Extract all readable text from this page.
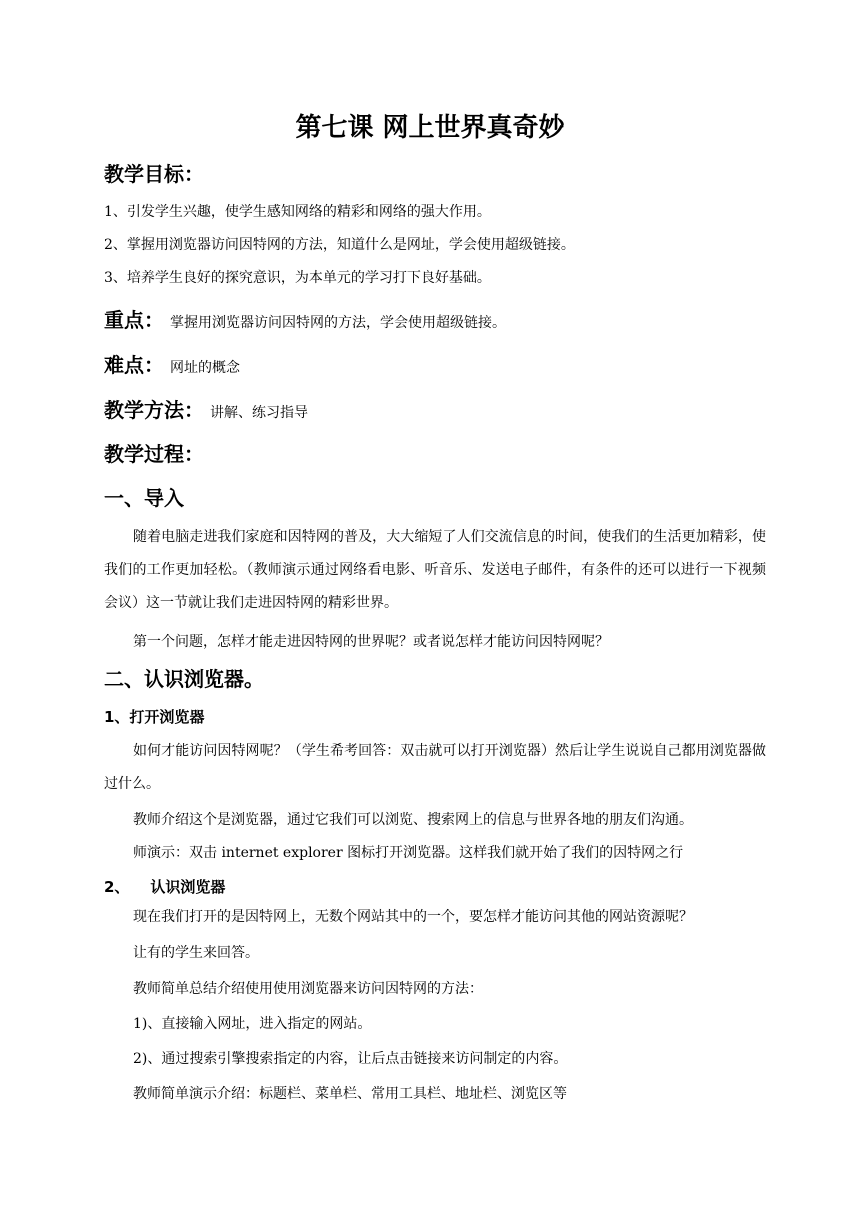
第七课 网上世界真奇妙
教学目标：
1、引发学生兴趣，使学生感知网络的精彩和网络的强大作用。
2、掌握用浏览器访问因特网的方法，知道什么是网址，学会使用超级链接。
3、培养学生良好的探究意识，为本单元的学习打下良好基础。
重点： 掌握用浏览器访问因特网的方法，学会使用超级链接。
难点： 网址的概念
教学方法： 讲解、练习指导
教学过程：
一、导入
随着电脑走进我们家庭和因特网的普及，大大缩短了人们交流信息的时间，使我们的生活更加精彩，使我们的工作更加轻松。（教师演示通过网络看电影、听音乐、发送电子邮件，有条件的还可以进行一下视频会议）这一节就让我们走进因特网的精彩世界。
第一个问题，怎样才能走进因特网的世界呢？或者说怎样才能访问因特网呢？
二、认识浏览器。
1、打开浏览器
如何才能访问因特网呢？（学生希考回答：双击就可以打开浏览器）然后让学生说说自己都用浏览器做过什么。
教师介绍这个是浏览器，通过它我们可以浏览、搜索网上的信息与世界各地的朋友们沟通。
师演示：双击 internet explorer 图标打开浏览器。这样我们就开始了我们的因特网之行
2、    认识浏览器
现在我们打开的是因特网上，无数个网站其中的一个，要怎样才能访问其他的网站资源呢？
让有的学生来回答。
教师简单总结介绍使用使用浏览器来访问因特网的方法：
1)、直接输入网址，进入指定的网站。
2)、通过搜索引擎搜索指定的内容，让后点击链接来访问制定的内容。
教师简单演示介绍：标题栏、菜单栏、常用工具栏、地址栏、浏览区等
